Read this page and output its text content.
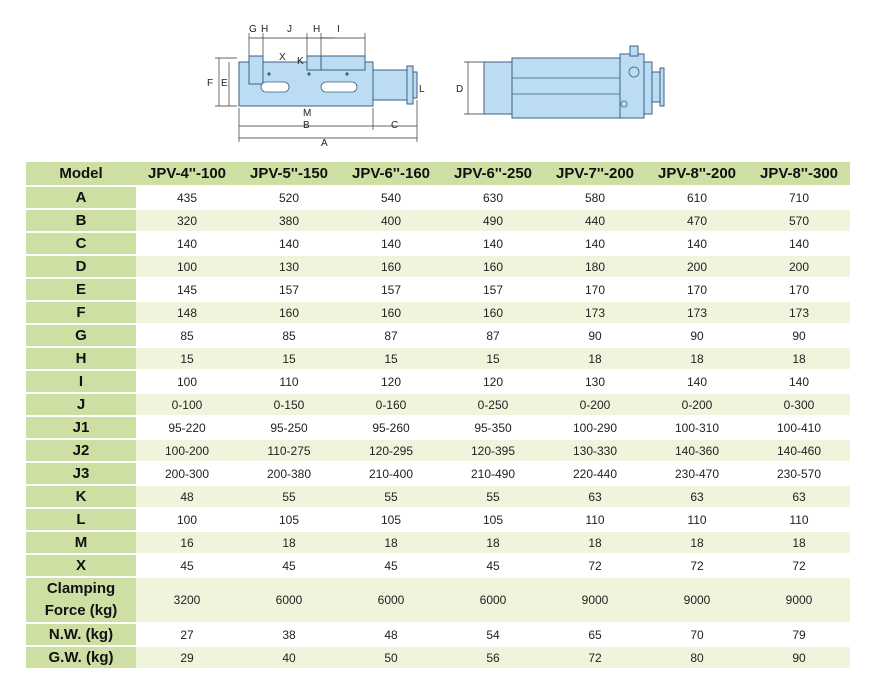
G H J H I
X K
F E
M
B	C
A
L	D
Model	JPV-4''-100	JPV-5''-150	JPV-6''-160	JPV-6''-250	JPV-7''-200	JPV-8''-200	JPV-8''-300
A	435	520	540	630	580	610	710
B	320	380	400	490	440	470	570
C	140	140	140	140	140	140	140
D	100	130	160	160	180	200	200
E	145	157	157	157	170	170	170
F	148	160	160	160	173	173	173
G	85	85	87	87	90	90	90
H	15	15	15	15	18	18	18
I	100	110	120	120	130	140	140
J	0-100	0-150	0-160	0-250	0-200	0-200	0-300
J1	95-220	95-250	95-260	95-350	100-290	100-310	100-410
J2	100-200	110-275	120-295	120-395	130-330	140-360	140-460
J3	200-300	200-380	210-400	210-490	220-440	230-470	230-570
K	48	55	55	55	63	63	63
L	100	105	105	105	110	110	110
M	16	18	18	18	18	18	18
X	45	45	45	45	72	72	72
Clamping Force (kg)	3200	6000	6000	6000	9000	9000	9000
N.W. (kg)	27	38	48	54	65	70	79
G.W. (kg)	29	40	50	56	72	80	90
